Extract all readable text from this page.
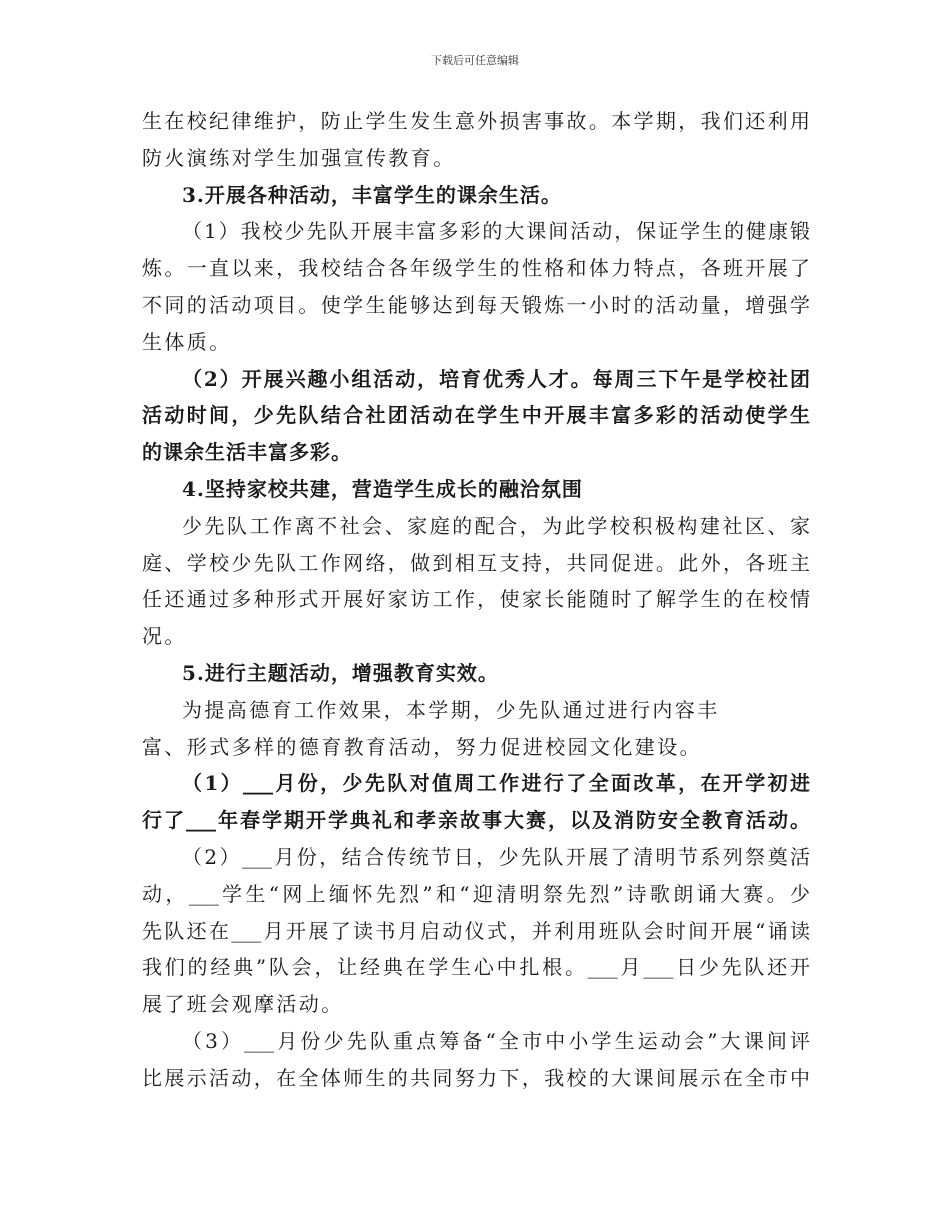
下载后可任意编辑
生在校纪律维护，防止学生发生意外损害事故。本学期，我们还利用
防火演练对学生加强宣传教育。
3.开展各种活动，丰富学生的课余生活。
（1）我校少先队开展丰富多彩的大课间活动，保证学生的健康锻
炼。一直以来，我校结合各年级学生的性格和体力特点，各班开展了
不同的活动项目。使学生能够达到每天锻炼一小时的活动量，增强学
生体质。
（2）开展兴趣小组活动，培育优秀人才。每周三下午是学校社团
活动时间，少先队结合社团活动在学生中开展丰富多彩的活动使学生
的课余生活丰富多彩。
4.坚持家校共建，营造学生成长的融洽氛围
少先队工作离不社会、家庭的配合，为此学校积极构建社区、家
庭、学校少先队工作网络，做到相互支持，共同促进。此外，各班主
任还通过多种形式开展好家访工作，使家长能随时了解学生的在校情
况。
5.进行主题活动，增强教育实效。
为提高德育工作效果，本学期，少先队通过进行内容丰
富、形式多样的德育教育活动，努力促进校园文化建设。
（1）___月份，少先队对值周工作进行了全面改革，在开学初进
行了___年春学期开学典礼和孝亲故事大赛，以及消防安全教育活动。
（2）___月份，结合传统节日，少先队开展了清明节系列祭奠活
动，___学生“网上缅怀先烈”和“迎清明祭先烈”诗歌朗诵大赛。少
先队还在___月开展了读书月启动仪式，并利用班队会时间开展“诵读
我们的经典”队会，让经典在学生心中扎根。___月___日少先队还开
展了班会观摩活动。
（3）___月份少先队重点筹备“全市中小学生运动会”大课间评
比展示活动，在全体师生的共同努力下，我校的大课间展示在全市中
